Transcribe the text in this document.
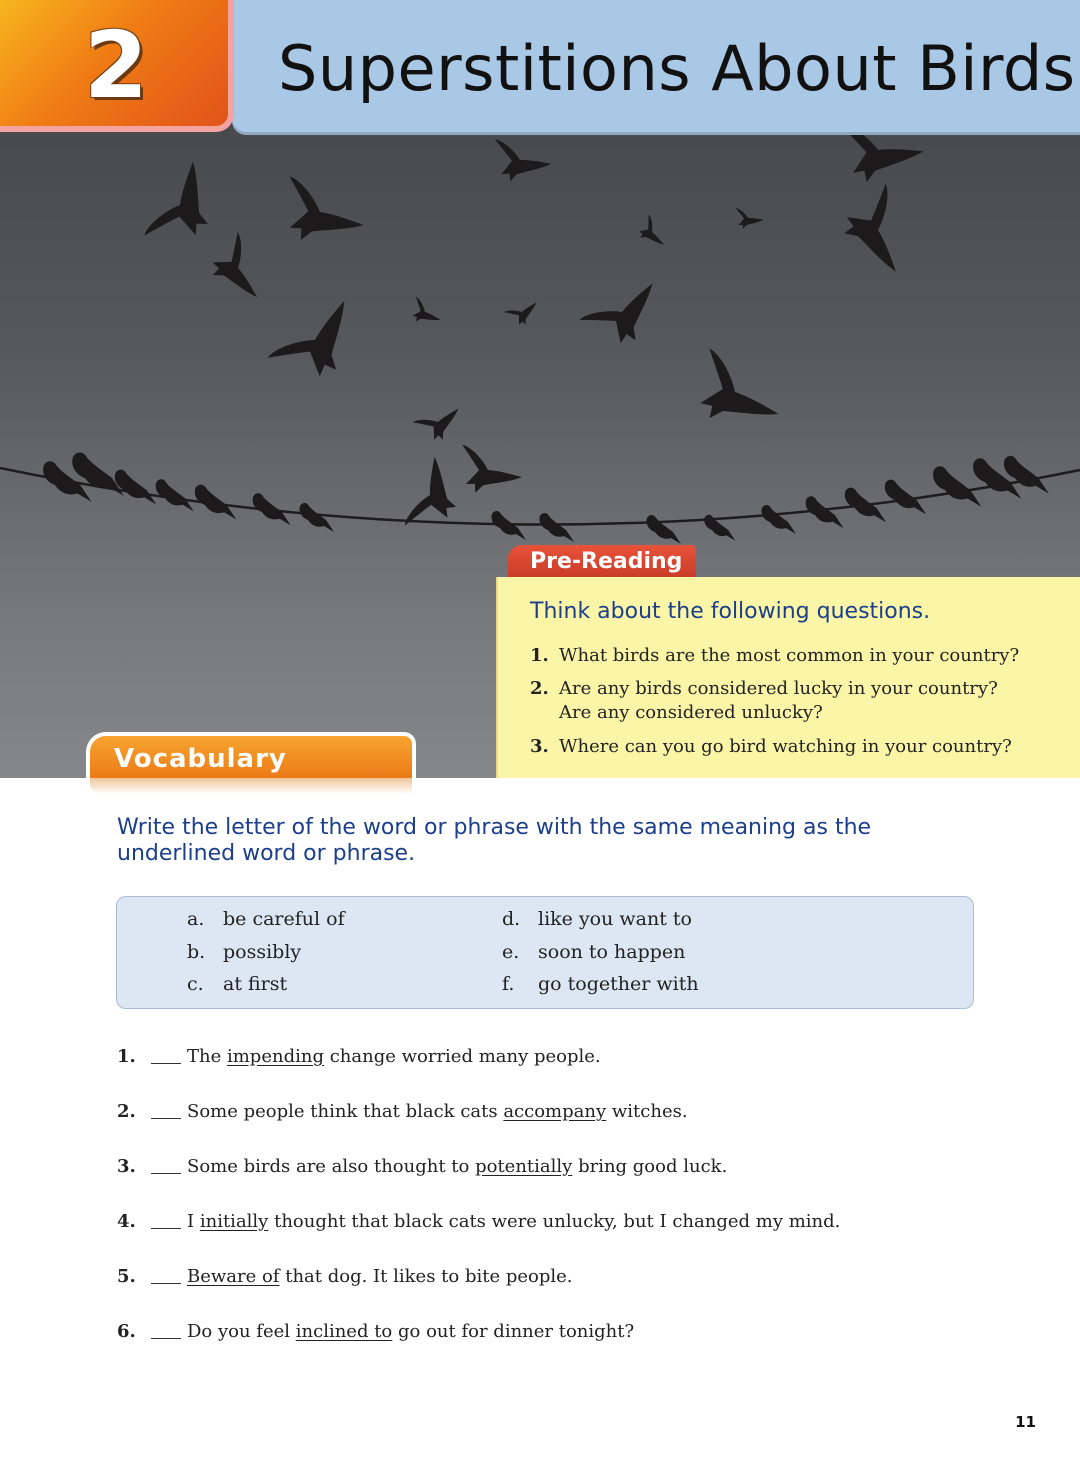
Superstitions About Birds
2
Pre-Reading
Think about the following questions.
1. What birds are the most common in your country?
2. Are any birds considered lucky in your country? Are any considered unlucky?
3. Where can you go bird watching in your country?
Vocabulary

Write the letter of the word or phrase with the same meaning as the underlined word or phrase.

a. be careful of
b. possibly
c. at first
d. like you want to
e. soon to happen
f. go together with
1.	The impending change worried many people.
2.	Some people think that black cats accompany witches.
3.	Some birds are also thought to potentially bring good luck.
4.	I initially thought that black cats were unlucky, but I changed my mind.
5.	Beware of that dog. It likes to bite people.
6.	Do you feel inclined to go out for dinner tonight?
11
